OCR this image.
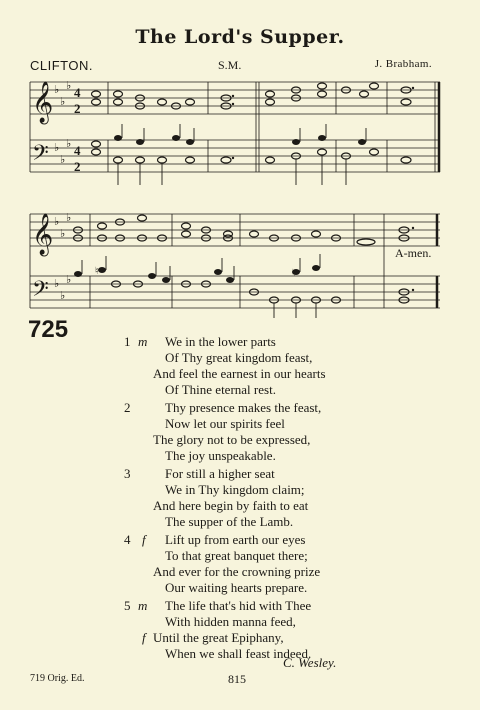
The Lord's Supper.
CLIFTON.	S.M.	J. Brabham.
𝄞
𝄢
♭
♭
♭
♭
♭
♭
4
2
4
2
𝄞
𝄢
♭
♭
♭
♭
♭
♭
♮	♮
A-men.
725	1 m We in the lower parts
Of Thy great kingdom feast,
And feel the earnest in our hearts
Of Thine eternal rest.
2	Thy presence makes the feast,
Now let our spirits feel
The glory not to be expressed,
The joy unspeakable.
3	For still a higher seat
We in Thy kingdom claim;
And here begin by faith to eat
The supper of the Lamb.
4 f Lift up from earth our eyes
To that great banquet there;
And ever for the crowning prize
Our waiting hearts prepare.
5 m The life that's hid with Thee
With hidden manna feed,
f Until the great Epiphany,
When we shall feast indeed.
C. Wesley.
719 Orig. Ed.	815
